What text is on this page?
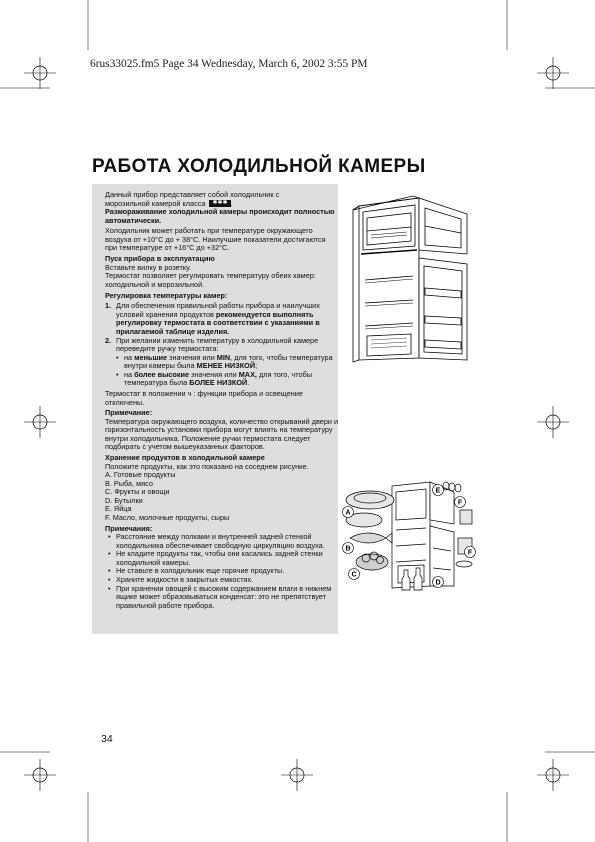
6rus33025.fm5 Page 34 Wednesday, March 6, 2002 3:55 PM
РАБОТА ХОЛОДИЛЬНОЙ КАМЕРЫ

Данный прибор представляет собой холодильник с
морозильной камерой класса ✱✱✱ .

Размораживание холодильной камеры происходит полностью автоматически.

Холодильник может работать при температуре окружающего воздуха от +10°C до + 38°C. Наилучшие показатели достигаются при температуре от +16°C до +32°C.

Пуск прибора в эксплуатацию

Вставьте вилку в розетку.

Термостат позволяет регулировать температуру обеих камер: холодильной и морозильной.

Регулировка температуры камер:

1. Для обеспечения правильной работы прибора и наилучших условий хранения продуктов рекомендуется выполнять регулировку термостата в соответствии с указаниями в прилагаемой таблице изделия.
2. При желании изменить температуру в холодильной камере переведите ручку термостата:
• на меньшие значения или MIN, для того, чтобы температура внутри камеры была МЕНЕЕ НИЗКОЙ;
• на более высокие значения или MAX, для того, чтобы температура была БОЛЕЕ НИЗКОЙ.

Термостат в положении ч : функции прибора и освещение отключены.

Примечание:

Температура окружающего воздуха, количество открываний двери и горизонтальность установки прибора могут влиять на температуру внутри холодильника. Положение ручки термостата следует подбирать с учетом вышеуказанных факторов.

Хранение продуктов в холодильной камере

Положите продукты, как это показано на соседнем рисунке.

A. Готовые продукты

B. Рыба, мясо

C. Фрукты и овощи

D. Бутылки

E. Яйца

F. Масло, молочные продукты, сыры

Примечания:

• Расстояние между полками и внутренней задней стенкой холодильника обеспечивает свободную циркуляцию воздуха.
• Не кладите продукты так, чтобы они касались задней стенки холодильной камеры.
• Не ставьте в холодильник еще горячие продукты.
• Храните жидкости в закрытых емкостях.
• При хранении овощей с высоким содержанием влаги в нижнем ящике может образовываться конденсат: это не препятствует правильной работе прибора.
A
B
C
D
E
F
F
34
